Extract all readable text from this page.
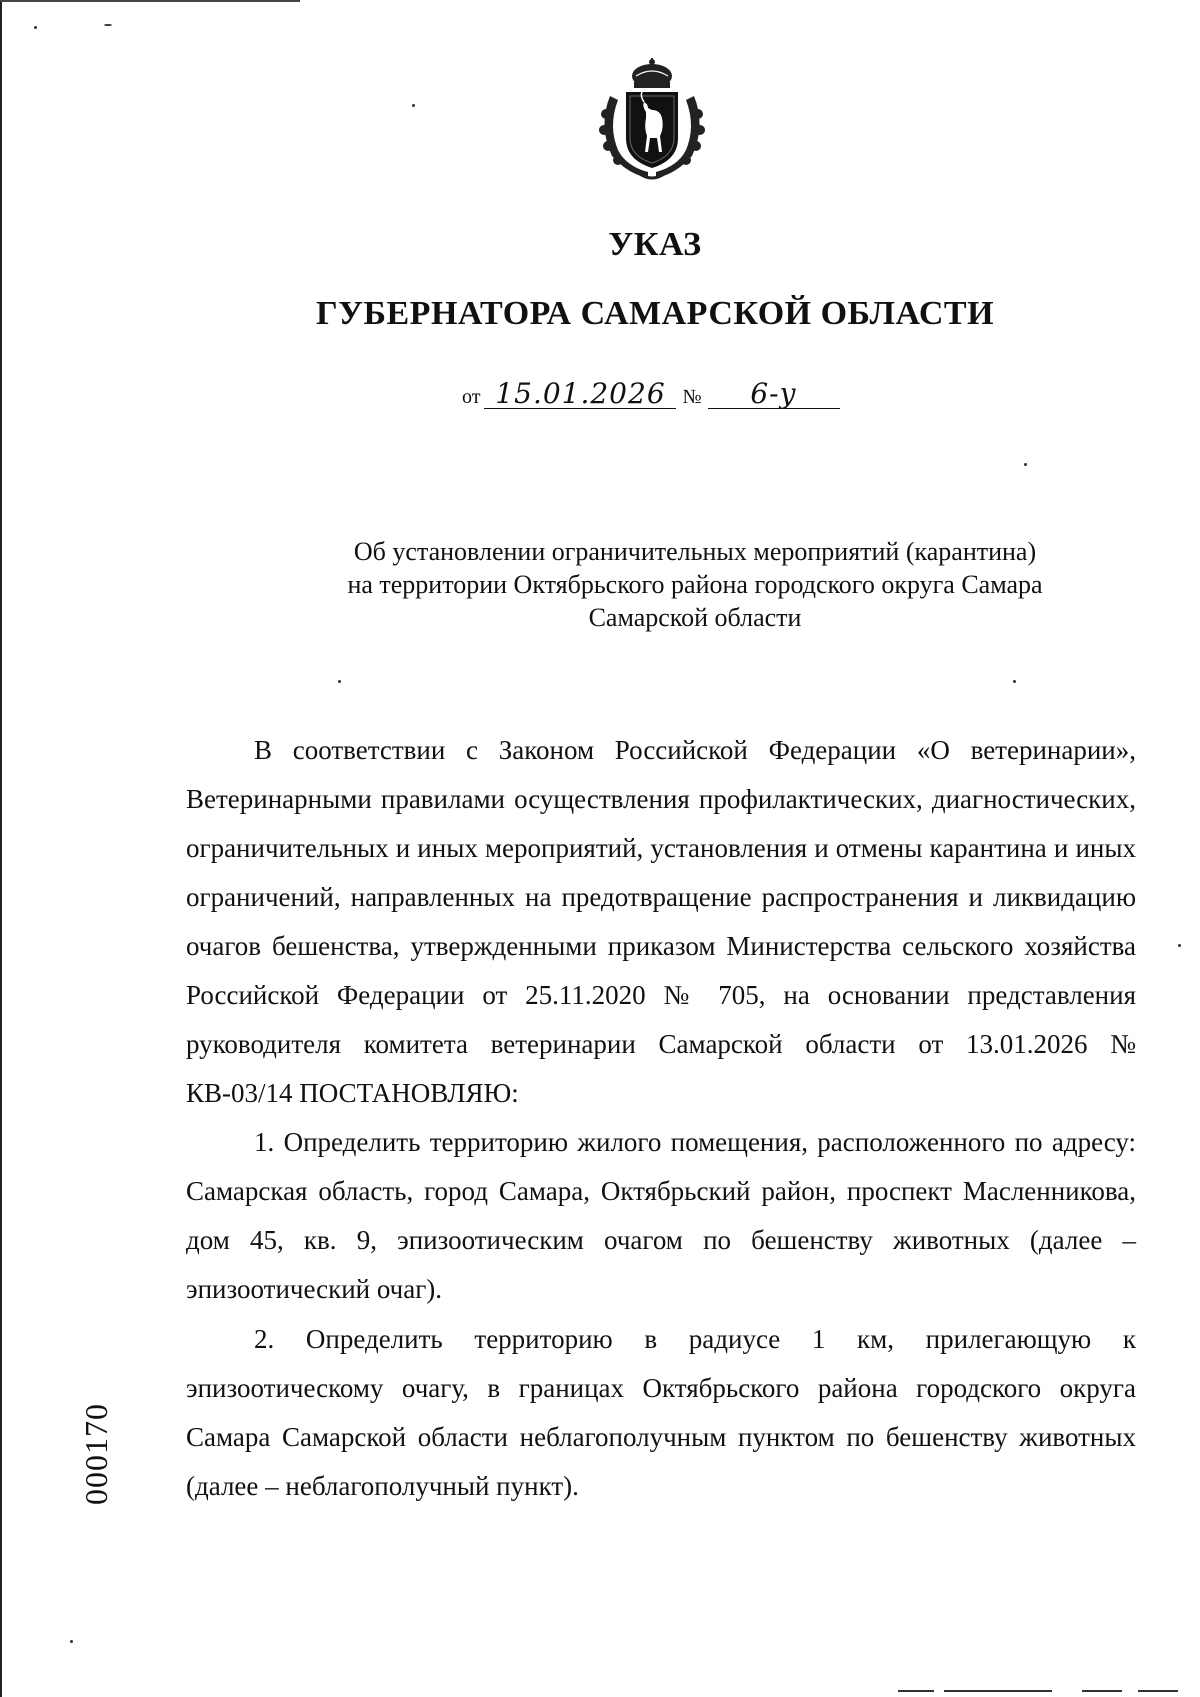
УКАЗ
ГУБЕРНАТОРА САМАРСКОЙ ОБЛАСТИ
от 15.01.2026 № 6-у
Об установлении ограничительных мероприятий (карантина)
на территории Октябрьского района городского округа Самара
Самарской области

В соответствии с Законом Российской Федерации «О ветеринарии», Ветеринарными правилами осуществления профилактических, диагностических, ограничительных и иных мероприятий, установления и отмены карантина и иных ограничений, направленных на предотвращение распространения и ликвидацию очагов бешенства, утвержденными приказом Министерства сельского хозяйства Российской Федерации от 25.11.2020 № 705, на основании представления руководителя комитета ветеринарии Самарской области от 13.01.2026 № КВ-03/14 ПОСТАНОВЛЯЮ:

1. Определить территорию жилого помещения, расположенного по адресу: Самарская область, город Самара, Октябрьский район, проспект Масленникова, дом 45, кв. 9, эпизоотическим очагом по бешенству животных (далее – эпизоотический очаг).

2. Определить территорию в радиусе 1 км, прилегающую к эпизоотическому очагу, в границах Октябрьского района городского округа Самара Самарской области неблагополучным пунктом по бешенству животных (далее – неблагополучный пункт).

000170
